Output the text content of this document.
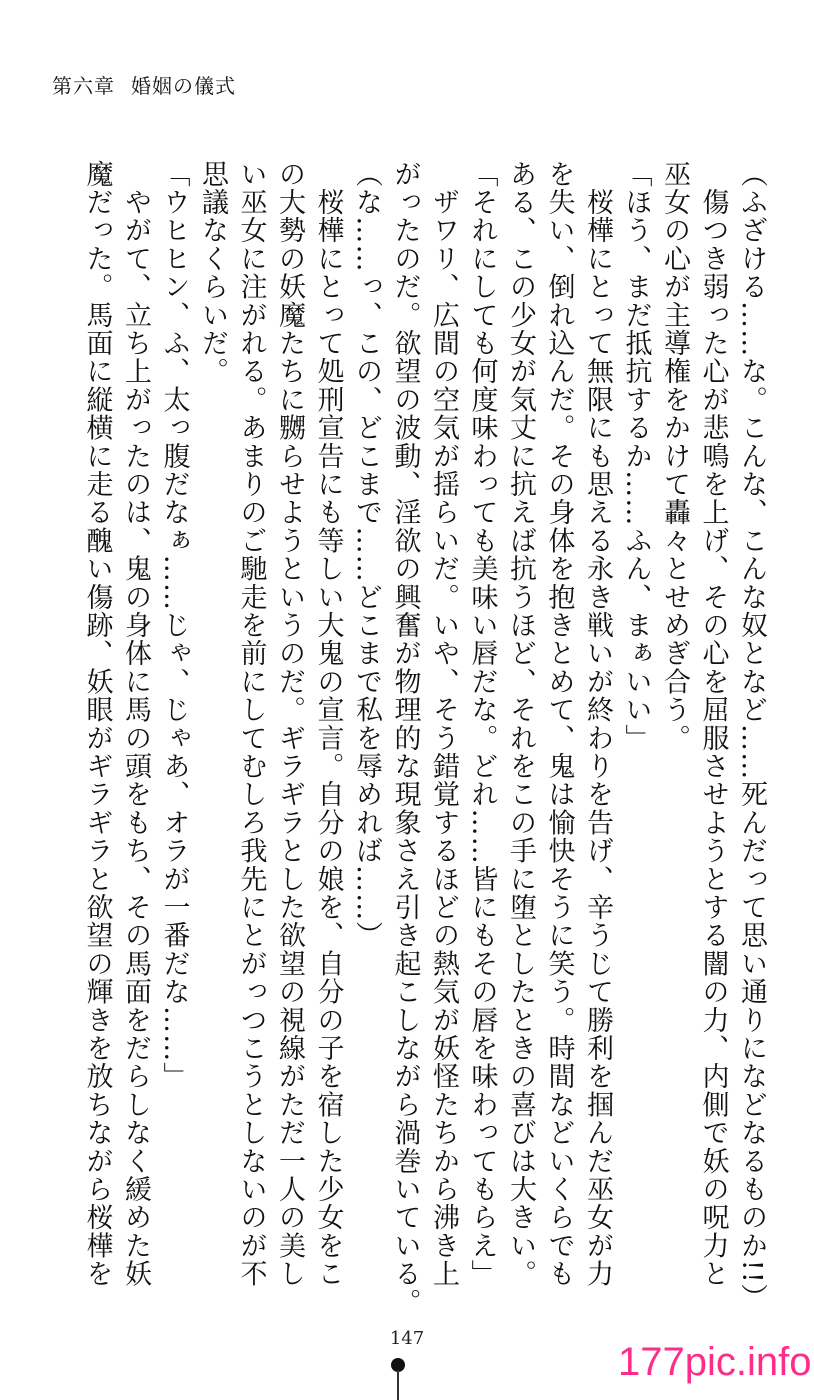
第六章 婚姻の儀式

（ふざける……な。こんな、こんな奴となど……死んだって思い通りになどなるものか!!）

　傷つき弱った心が悲鳴を上げ、その心を屈服させようとする闇の力、内側で妖の呪力と

巫女の心が主導権をかけて轟々とせめぎ合う。

「ほう、まだ抵抗するか……ふん、まぁいい」

　桜樺にとって無限にも思える永き戦いが終わりを告げ、辛うじて勝利を掴んだ巫女が力

を失い、倒れ込んだ。その身体を抱きとめて、鬼は愉快そうに笑う。時間などいくらでも

ある、この少女が気丈に抗えば抗うほど、それをこの手に堕としたときの喜びは大きい。

「それにしても何度味わっても美味い唇だな。どれ……皆にもその唇を味わってもらえ」

　ザワリ、広間の空気が揺らいだ。いや、そう錯覚するほどの熱気が妖怪たちから沸き上

がったのだ。欲望の波動、淫欲の興奮が物理的な現象さえ引き起こしながら渦巻いている。

（な……っ、この、どこまで……どこまで私を辱めれば……）

　桜樺にとって処刑宣告にも等しい大鬼の宣言。自分の娘を、自分の子を宿した少女をこ

の大勢の妖魔たちに嬲らせようというのだ。ギラギラとした欲望の視線がただ一人の美し

い巫女に注がれる。あまりのご馳走を前にしてむしろ我先にとがっつこうとしないのが不

思議なくらいだ。

「ウヒヒン、ふ、太っ腹だなぁ……じゃ、じゃあ、オラが一番だな……」

　やがて、立ち上がったのは、鬼の身体に馬の頭をもち、その馬面をだらしなく緩めた妖

魔だった。馬面に縦横に走る醜い傷跡、妖眼がギラギラと欲望の輝きを放ちながら桜樺を

147
177pic.info
